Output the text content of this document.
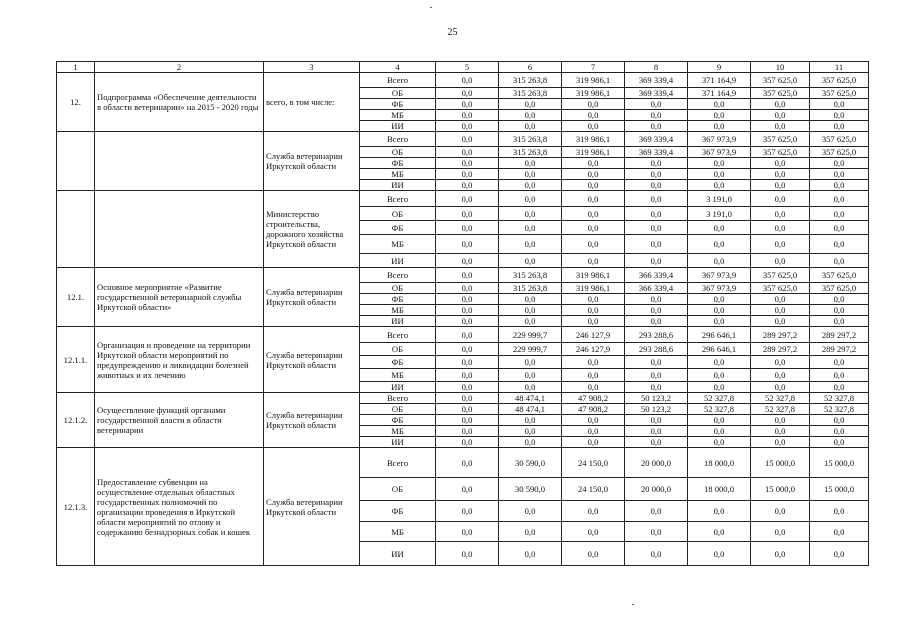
25
1	2	3	4	5	6	7	8	9	10	11
12.	Подпрограмма «Обеспечение деятельности в области ветеринарии» на 2015 - 2020 годы	всего, в том числе:	Всего	0,0	315 263,8	319 986,1	369 339,4	371 164,9	357 625,0	357 625,0
			ОБ	0,0	315 263,8	319 986,1	369 339,4	371 164,9	357 625,0	357 625,0
			ФБ	0,0	0,0	0,0	0,0	0,0	0,0	0,0
			МБ	0,0	0,0	0,0	0,0	0,0	0,0	0,0
			ИИ	0,0	0,0	0,0	0,0	0,0	0,0	0,0
		Служба ветеринарии Иркутской области	Всего	0,0	315 263,8	319 986,1	369 339,4	367 973,9	357 625,0	357 625,0
			ОБ	0,0	315 263,8	319 986,1	369 339,4	367 973,9	357 625,0	357 625,0
			ФБ	0,0	0,0	0,0	0,0	0,0	0,0	0,0
			МБ	0,0	0,0	0,0	0,0	0,0	0,0	0,0
			ИИ	0,0	0,0	0,0	0,0	0,0	0,0	0,0
		Министерство строительства, дорожного хозяйства Иркутской области	Всего	0,0	0,0	0,0	0,0	3 191,0	0,0	0,0
			ОБ	0,0	0,0	0,0	0,0	3 191,0	0,0	0,0
			ФБ	0,0	0,0	0,0	0,0	0,0	0,0	0,0
			МБ	0,0	0,0	0,0	0,0	0,0	0,0	0,0
			ИИ	0,0	0,0	0,0	0,0	0,0	0,0	0,0
12.1.	Основное мероприятие «Развитие государственной ветеринарной службы Иркутской области»	Служба ветеринарии Иркутской области	Всего	0,0	315 263,8	319 986,1	366 339,4	367 973,9	357 625,0	357 625,0
			ОБ	0,0	315 263,8	319 986,1	366 339,4	367 973,9	357 625,0	357 625,0
			ФБ	0,0	0,0	0,0	0,0	0,0	0,0	0,0
			МБ	0,0	0,0	0,0	0,0	0,0	0,0	0,0
			ИИ	0,0	0,0	0,0	0,0	0,0	0,0	0,0
12.1.1.	Организация и проведение на территории Иркутской области мероприятий по предупреждению и ликвидации болезней животных и их лечению	Служба ветеринарии Иркутской области	Всего	0,0	229 999,7	246 127,9	293 288,6	296 646,1	289 297,2	289 297,2
			ОБ	0,0	229 999,7	246 127,9	293 288,6	296 646,1	289 297,2	289 297,2
			ФБ	0,0	0,0	0,0	0,0	0,0	0,0	0,0
			МБ	0,0	0,0	0,0	0,0	0,0	0,0	0,0
			ИИ	0,0	0,0	0,0	0,0	0,0	0,0	0,0
12.1.2.	Осуществление функций органами государственной власти в области ветеринарии	Служба ветеринарии Иркутской области	Всего	0,0	48 474,1	47 908,2	50 123,2	52 327,8	52 327,8	52 327,8
			ОБ	0,0	48 474,1	47 908,2	50 123,2	52 327,8	52 327,8	52 327,8
			ФБ	0,0	0,0	0,0	0,0	0,0	0,0	0,0
			МБ	0,0	0,0	0,0	0,0	0,0	0,0	0,0
			ИИ	0,0	0,0	0,0	0,0	0,0	0,0	0,0
12.1.3.	Предоставление субвенции на осуществление отдельных областных государственных полномочий по организации проведения в Иркутской области мероприятий по отлову и содержанию безнадзорных собак и кошек	Служба ветеринарии Иркутской области	Всего	0,0	30 590,0	24 150,0	20 000,0	18 000,0	15 000,0	15 000,0
			ОБ	0,0	30 590,0	24 150,0	20 000,0	18 000,0	15 000,0	15 000,0
			ФБ	0,0	0,0	0,0	0,0	0,0	0,0	0,0
			МБ	0,0	0,0	0,0	0,0	0,0	0,0	0,0
			ИИ	0,0	0,0	0,0	0,0	0,0	0,0	0,0
